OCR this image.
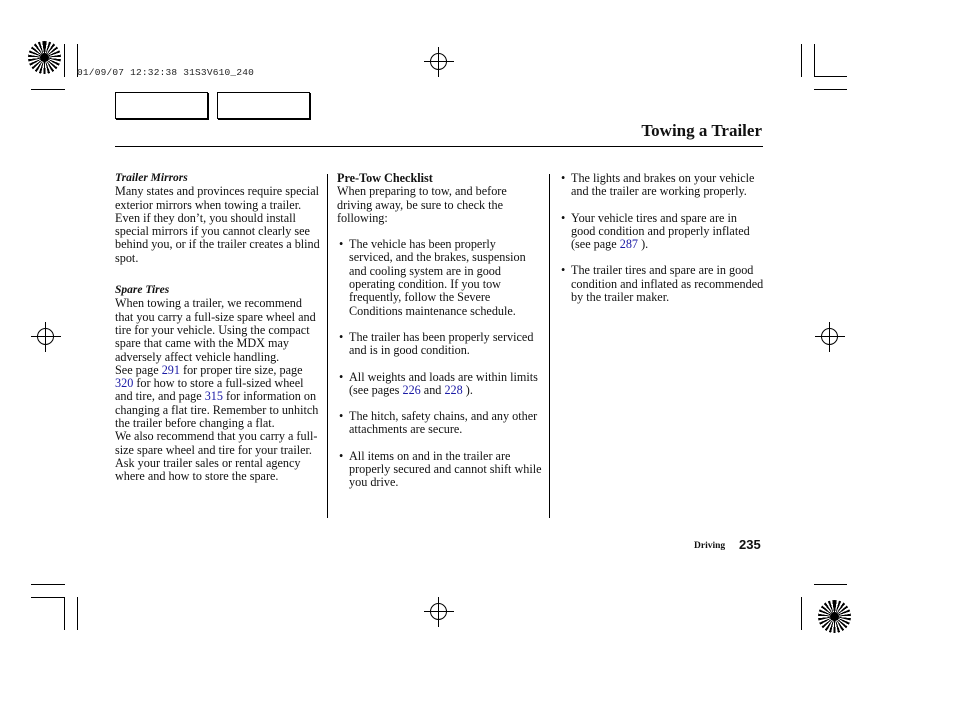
01/09/07 12:32:38 31S3V610_240
Towing a Trailer

Trailer Mirrors

Many states and provinces require special exterior mirrors when towing a trailer. Even if they don’t, you should install special mirrors if you cannot clearly see behind you, or if the trailer creates a blind spot.

Spare Tires

When towing a trailer, we recommend that you carry a full-size spare wheel and tire for your vehicle. Using the compact spare that came with the MDX may adversely affect vehicle handling.

See page 291 for proper tire size, page 320 for how to store a full-sized wheel and tire, and page 315 for information on changing a flat tire. Remember to unhitch the trailer before changing a flat.

We also recommend that you carry a full-size spare wheel and tire for your trailer. Ask your trailer sales or rental agency where and how to store the spare.

Pre-Tow Checklist

When preparing to tow, and before driving away, be sure to check the following:

• The vehicle has been properly serviced, and the brakes, suspension and cooling system are in good operating condition. If you tow frequently, follow the Severe Conditions maintenance schedule.
• The trailer has been properly serviced and is in good condition.
• All weights and loads are within limits (see pages 226 and 228 ).
• The hitch, safety chains, and any other attachments are secure.
• All items on and in the trailer are properly secured and cannot shift while you drive.
• The lights and brakes on your vehicle and the trailer are working properly.
• Your vehicle tires and spare are in good condition and properly inflated (see page 287 ).
• The trailer tires and spare are in good condition and inflated as recommended by the trailer maker.
Driving 235
